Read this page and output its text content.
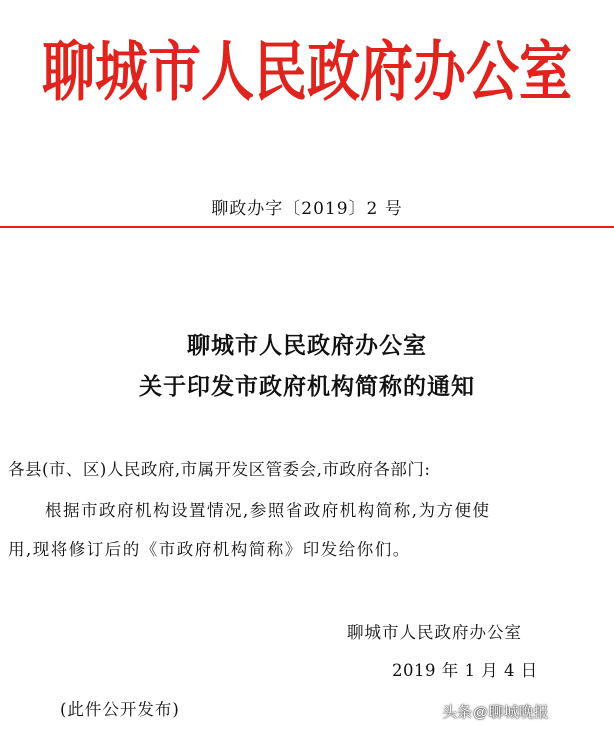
聊城市人民政府办公室
聊政办字〔2019〕2 号
聊城市人民政府办公室
关于印发市政府机构简称的通知
各县(市、区)人民政府,市属开发区管委会,市政府各部门:
根据市政府机构设置情况,参照省政府机构简称,为方便使
用,现将修订后的《市政府机构简称》印发给你们。
聊城市人民政府办公室
2019 年 1 月 4 日
(此件公开发布)	头条@聊城晚报
